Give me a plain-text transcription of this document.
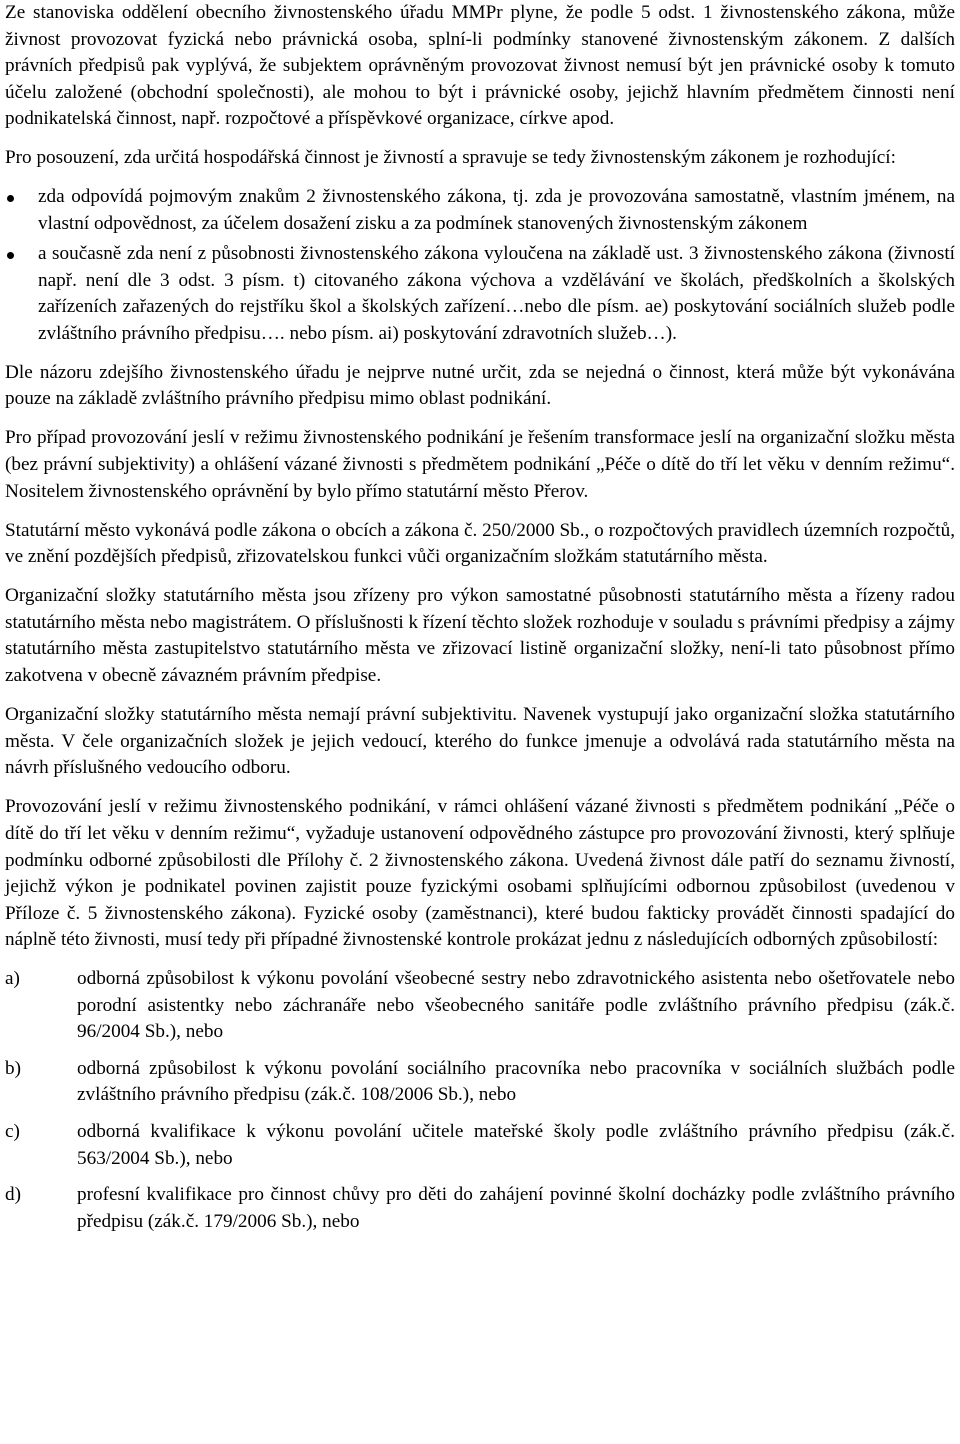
Ze stanoviska oddělení obecního živnostenského úřadu MMPr plyne, že podle 5 odst. 1 živnostenského zákona, může živnost provozovat fyzická nebo právnická osoba, splní-li podmínky stanovené živnostenským zákonem. Z dalších právních předpisů pak vyplývá, že subjektem oprávněným provozovat živnost nemusí být jen právnické osoby k tomuto účelu založené (obchodní společnosti), ale mohou to být i právnické osoby, jejichž hlavním předmětem činnosti není podnikatelská činnost, např. rozpočtové a příspěvkové organizace, církve apod.

Pro posouzení, zda určitá hospodářská činnost je živností a spravuje se tedy živnostenským zákonem je rozhodující:

zda odpovídá pojmovým znakům 2 živnostenského zákona, tj. zda je provozována samostatně, vlastním jménem, na vlastní odpovědnost, za účelem dosažení zisku a za podmínek stanovených živnostenským zákonem
a současně zda není z působnosti živnostenského zákona vyloučena na základě ust. 3 živnostenského zákona (živností např. není dle 3 odst. 3 písm. t) citovaného zákona výchova a vzdělávání ve školách, předškolních a školských zařízeních zařazených do rejstříku škol a školských zařízení…nebo dle písm. ae) poskytování sociálních služeb podle zvláštního právního předpisu…. nebo písm. ai) poskytování zdravotních služeb…).

Dle názoru zdejšího živnostenského úřadu je nejprve nutné určit, zda se nejedná o činnost, která může být vykonávána pouze na základě zvláštního právního předpisu mimo oblast podnikání.

Pro případ provozování jeslí v režimu živnostenského podnikání je řešením transformace jeslí na organizační složku města (bez právní subjektivity) a ohlášení vázané živnosti s předmětem podnikání „Péče o dítě do tří let věku v denním režimu“. Nositelem živnostenského oprávnění by bylo přímo statutární město Přerov.

Statutární město vykonává podle zákona o obcích a zákona č. 250/2000 Sb., o rozpočtových pravidlech územních rozpočtů, ve znění pozdějších předpisů, zřizovatelskou funkci vůči organizačním složkám statutárního města.

Organizační složky statutárního města jsou zřízeny pro výkon samostatné působnosti statutárního města a řízeny radou statutárního města nebo magistrátem. O příslušnosti k řízení těchto složek rozhoduje v souladu s právními předpisy a zájmy statutárního města zastupitelstvo statutárního města ve zřizovací listině organizační složky, není-li tato působnost přímo zakotvena v obecně závazném právním předpise.

Organizační složky statutárního města nemají právní subjektivitu. Navenek vystupují jako organizační složka statutárního města. V čele organizačních složek je jejich vedoucí, kterého do funkce jmenuje a odvolává rada statutárního města na návrh příslušného vedoucího odboru.

Provozování jeslí v režimu živnostenského podnikání, v rámci ohlášení vázané živnosti s předmětem podnikání „Péče o dítě do tří let věku v denním režimu“, vyžaduje ustanovení odpovědného zástupce pro provozování živnosti, který splňuje podmínku odborné způsobilosti dle Přílohy č. 2 živnostenského zákona. Uvedená živnost dále patří do seznamu živností, jejichž výkon je podnikatel povinen zajistit pouze fyzickými osobami splňujícími odbornou způsobilost (uvedenou v Příloze č. 5 živnostenského zákona). Fyzické osoby (zaměstnanci), které budou fakticky provádět činnosti spadající do náplně této živnosti, musí tedy při případné živnostenské kontrole prokázat jednu z následujících odborných způsobilostí:

a)	odborná způsobilost k výkonu povolání všeobecné sestry nebo zdravotnického asistenta nebo ošetřovatele nebo porodní asistentky nebo záchranáře nebo všeobecného sanitáře podle zvláštního právního předpisu (zák.č. 96/2004 Sb.), nebo
b)	odborná způsobilost k výkonu povolání sociálního pracovníka nebo pracovníka v sociálních službách podle zvláštního právního předpisu (zák.č. 108/2006 Sb.), nebo
c)	odborná kvalifikace k výkonu povolání učitele mateřské školy podle zvláštního právního předpisu (zák.č. 563/2004 Sb.), nebo
d)	profesní kvalifikace pro činnost chůvy pro děti do zahájení povinné školní docházky podle zvláštního právního předpisu (zák.č. 179/2006 Sb.), nebo
